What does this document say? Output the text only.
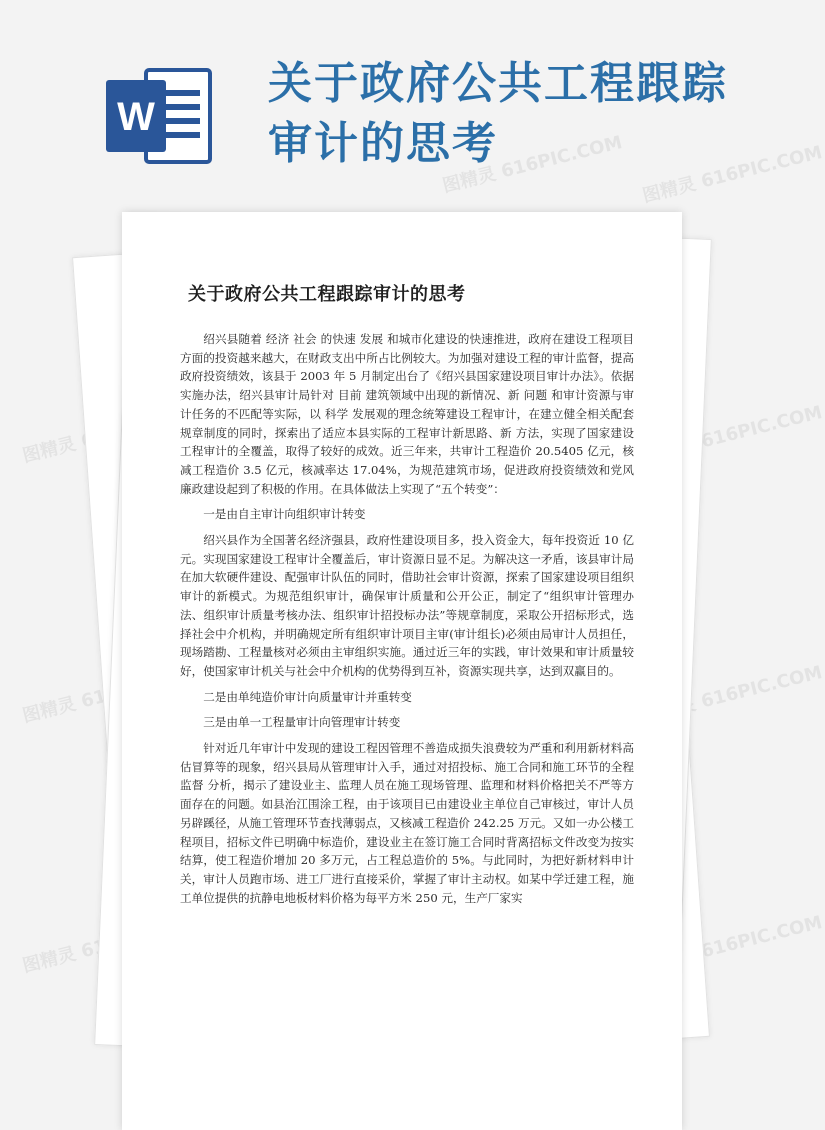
W
关于政府公共工程跟踪审计的思考
图精灵 616PIC.COM 图精灵 616PIC.COM
图精灵	图精灵 616PIC.COM
图精灵	图精灵 616PIC.COM
图精灵	图精灵 616PIC.COM
关于政府公共工程跟踪审计的思考

绍兴县随着 经济 社会 的快速 发展 和城市化建设的快速推进，政府在建设工程项目方面的投资越来越大，在财政支出中所占比例较大。为加强对建设工程的审计监督，提高政府投资绩效，该县于 2003 年 5 月制定出台了《绍兴县国家建设项目审计办法》。依据实施办法，绍兴县审计局针对 目前 建筑领域中出现的新情况、新 问题 和审计资源与审计任务的不匹配等实际，以 科学 发展观的理念统筹建设工程审计，在建立健全相关配套规章制度的同时，探索出了适应本县实际的工程审计新思路、新 方法，实现了国家建设工程审计的全覆盖，取得了较好的成效。近三年来，共审计工程造价 20.5405 亿元，核减工程造价 3.5 亿元，核减率达 17.04%，为规范建筑市场，促进政府投资绩效和党风廉政建设起到了积极的作用。在具体做法上实现了“五个转变”：

一是由自主审计向组织审计转变

绍兴县作为全国著名经济强县，政府性建设项目多，投入资金大，每年投资近 10 亿元。实现国家建设工程审计全覆盖后，审计资源日显不足。为解决这一矛盾，该县审计局在加大软硬件建设、配强审计队伍的同时，借助社会审计资源，探索了国家建设项目组织审计的新模式。为规范组织审计，确保审计质量和公开公正，制定了“组织审计管理办法、组织审计质量考核办法、组织审计招投标办法”等规章制度，采取公开招标形式，选择社会中介机构，并明确规定所有组织审计项目主审(审计组长)必须由局审计人员担任，现场踏勘、工程量核对必须由主审组织实施。通过近三年的实践，审计效果和审计质量较好，使国家审计机关与社会中介机构的优势得到互补，资源实现共享，达到双赢目的。

二是由单纯造价审计向质量审计并重转变

三是由单一工程量审计向管理审计转变

针对近几年审计中发现的建设工程因管理不善造成损失浪费较为严重和利用新材料高估冒算等的现象，绍兴县局从管理审计入手，通过对招投标、施工合同和施工环节的全程监督 分析，揭示了建设业主、监理人员在施工现场管理、监理和材料价格把关不严等方面存在的问题。如县治江围涂工程，由于该项目已由建设业主单位自己审核过，审计人员另辟蹊径，从施工管理环节查找薄弱点，又核减工程造价 242.25 万元。又如一办公楼工程项目，招标文件已明确中标造价，建设业主在签订施工合同时背离招标文件改变为按实结算，使工程造价增加 20 多万元，占工程总造价的 5%。与此同时，为把好新材料申计关，审计人员跑市场、进工厂进行直接采价，掌握了审计主动权。如某中学迁建工程，施工单位提供的抗静电地板材料价格为每平方米 250 元，生产厂家实
